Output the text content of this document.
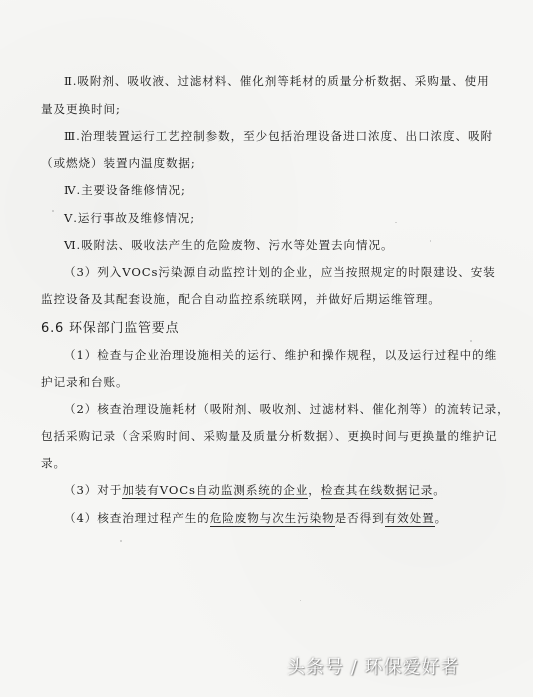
Ⅱ.吸附剂、吸收液、过滤材料、催化剂等耗材的质量分析数据、采购量、使用
量及更换时间;
Ⅲ.治理装置运行工艺控制参数，至少包括治理设备进口浓度、出口浓度、吸附
（或燃烧）装置内温度数据;
Ⅳ.主要设备维修情况;
Ⅴ.运行事故及维修情况;
Ⅵ.吸附法、吸收法产生的危险废物、污水等处置去向情况。
（3）列入VOCs污染源自动监控计划的企业，应当按照规定的时限建设、安装
监控设备及其配套设施，配合自动监控系统联网，并做好后期运维管理。
6.6 环保部门监管要点
（1）检查与企业治理设施相关的运行、维护和操作规程，以及运行过程中的维
护记录和台账。
（2）核查治理设施耗材（吸附剂、吸收剂、过滤材料、催化剂等）的流转记录，
包括采购记录（含采购时间、采购量及质量分析数据）、更换时间与更换量的维护记
录。
（3）对于加装有VOCs自动监测系统的企业，检查其在线数据记录。
（4）核查治理过程产生的危险废物与次生污染物是否得到有效处置。
头条号 / 环保爱好者
